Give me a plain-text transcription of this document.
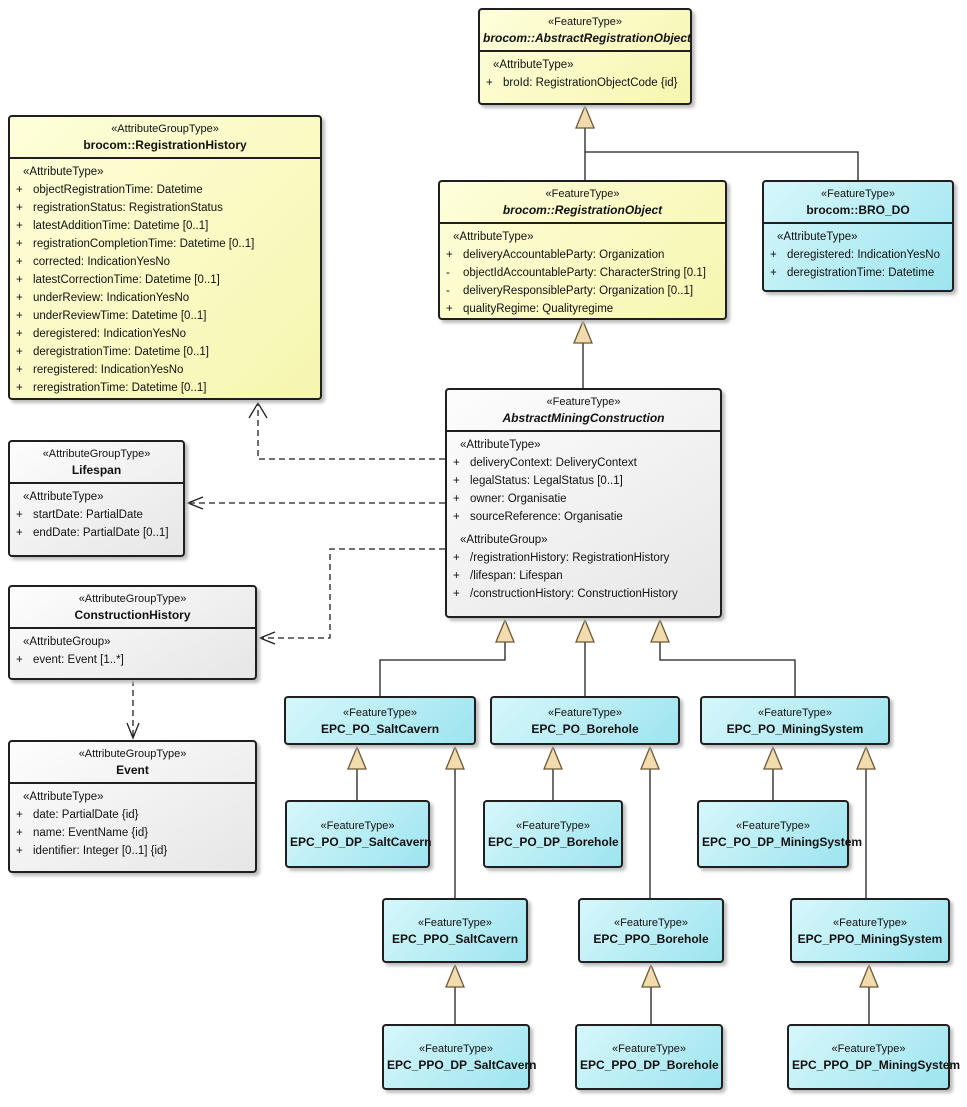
«FeatureType»
brocom::AbstractRegistrationObject
«AttributeType»
+ broId: RegistrationObjectCode {id}
«AttributeGroupType»
brocom::RegistrationHistory
«AttributeType»
+ objectRegistrationTime: Datetime
+ registrationStatus: RegistrationStatus
+ latestAdditionTime: Datetime [0..1]
+ registrationCompletionTime: Datetime [0..1]
+ corrected: IndicationYesNo
+ latestCorrectionTime: Datetime [0..1]
+ underReview: IndicationYesNo
+ underReviewTime: Datetime [0..1]
+ deregistered: IndicationYesNo
+ deregistrationTime: Datetime [0..1]
+ reregistered: IndicationYesNo
+ reregistrationTime: Datetime [0..1]
«FeatureType»
brocom::RegistrationObject
«AttributeType»
+ deliveryAccountableParty: Organization
-	objectIdAccountableParty: CharacterString [0.1]
-	deliveryResponsibleParty: Organization [0..1]
+ qualityRegime: Qualityregime
«FeatureType»
brocom::BRO_DO
«AttributeType»
+ deregistered: IndicationYesNo
+ deregistrationTime: Datetime
«FeatureType»
AbstractMiningConstruction
«AttributeType»
+ deliveryContext: DeliveryContext
+ legalStatus: LegalStatus [0..1]
+ owner: Organisatie
+ sourceReference: Organisatie
«AttributeGroup»
+ /registrationHistory: RegistrationHistory
+ /lifespan: Lifespan
+ /constructionHistory: ConstructionHistory
«AttributeGroupType»
Lifespan
«AttributeType»
+ startDate: PartialDate
+ endDate: PartialDate [0..1]
«AttributeGroupType»
ConstructionHistory
«AttributeGroup»
+ event: Event [1..*]
«AttributeGroupType»
Event
«AttributeType»
+ date: PartialDate {id}
+ name: EventName {id}
+ identifier: Integer [0..1] {id}
«FeatureType»
EPC_PO_SaltCavern
«FeatureType»
EPC_PO_Borehole
«FeatureType»
EPC_PO_MiningSystem
«FeatureType»
EPC_PO_DP_SaltCavern
«FeatureType»
EPC_PO_DP_Borehole
«FeatureType»
EPC_PO_DP_MiningSystem
«FeatureType»
EPC_PPO_SaltCavern
«FeatureType»
EPC_PPO_Borehole
«FeatureType»
EPC_PPO_MiningSystem
«FeatureType»
EPC_PPO_DP_SaltCavern
«FeatureType»
EPC_PPO_DP_Borehole
«FeatureType»
EPC_PPO_DP_MiningSystem
